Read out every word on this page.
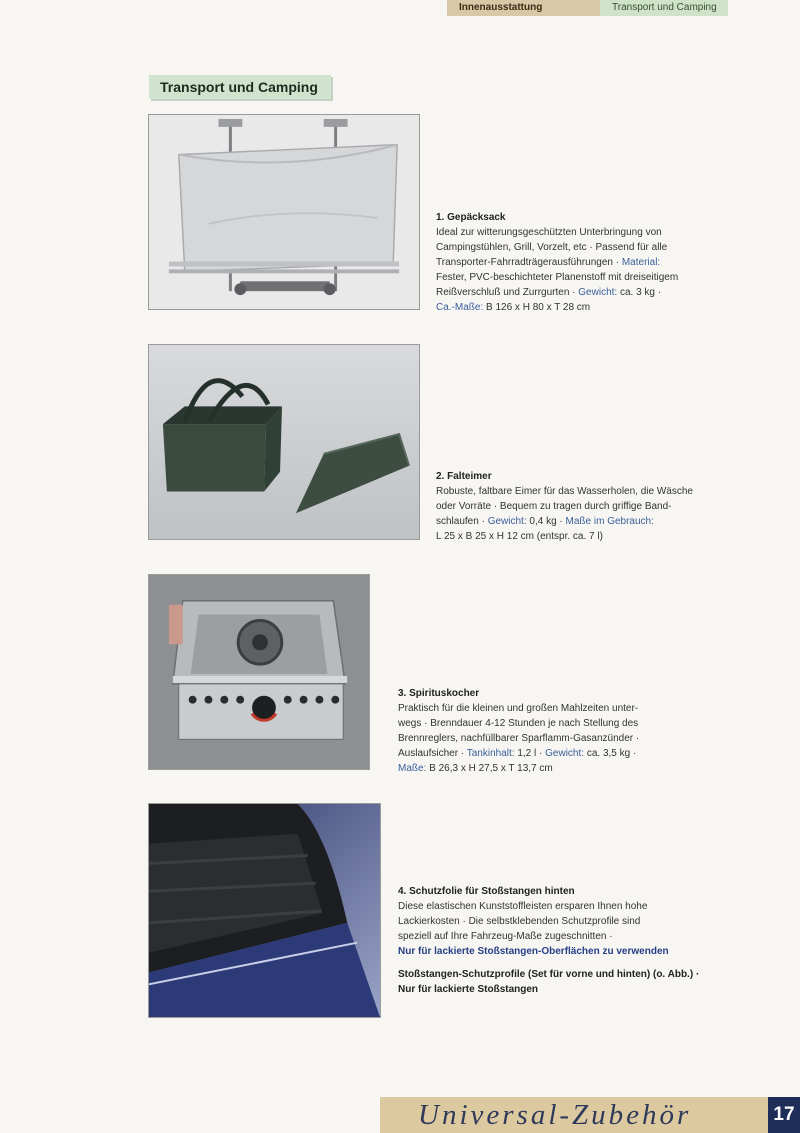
Innenausstattung	Transport und Camping
Transport und Camping
1. Gepäcksack
Ideal zur witterungsgeschützten Unterbringung von
Campingstühlen, Grill, Vorzelt, etc · Passend für alle
Transporter-Fahrradträgerausführungen · Material:
Fester, PVC-beschichteter Planenstoff mit dreiseitigem
Reißverschluß und Zurrgurten · Gewicht: ca. 3 kg ·
Ca.-Maße: B 126 x H 80 x T 28 cm
2. Falteimer
Robuste, faltbare Eimer für das Wasserholen, die Wäsche
oder Vorräte · Bequem zu tragen durch griffige Band-
schlaufen · Gewicht: 0,4 kg · Maße im Gebrauch:
L 25 x B 25 x H 12 cm (entspr. ca. 7 l)
3. Spirituskocher
Praktisch für die kleinen und großen Mahlzeiten unter-
wegs · Brenndauer 4-12 Stunden je nach Stellung des
Brennreglers, nachfüllbarer Sparflamm-Gasanzünder ·
Auslaufsicher · Tankinhalt: 1,2 l · Gewicht: ca. 3,5 kg ·
Maße: B 26,3 x H 27,5 x T 13,7 cm
4. Schutzfolie für Stoßstangen hinten
Diese elastischen Kunststoffleisten ersparen Ihnen hohe
Lackierkosten · Die selbstklebenden Schutzprofile sind
speziell auf Ihre Fahrzeug-Maße zugeschnitten ·
Nur für lackierte Stoßstangen-Oberflächen zu verwenden
Stoßstangen-Schutzprofile (Set für vorne und hinten) (o. Abb.) ·
Nur für lackierte Stoßstangen
Universal-Zubehör	17
